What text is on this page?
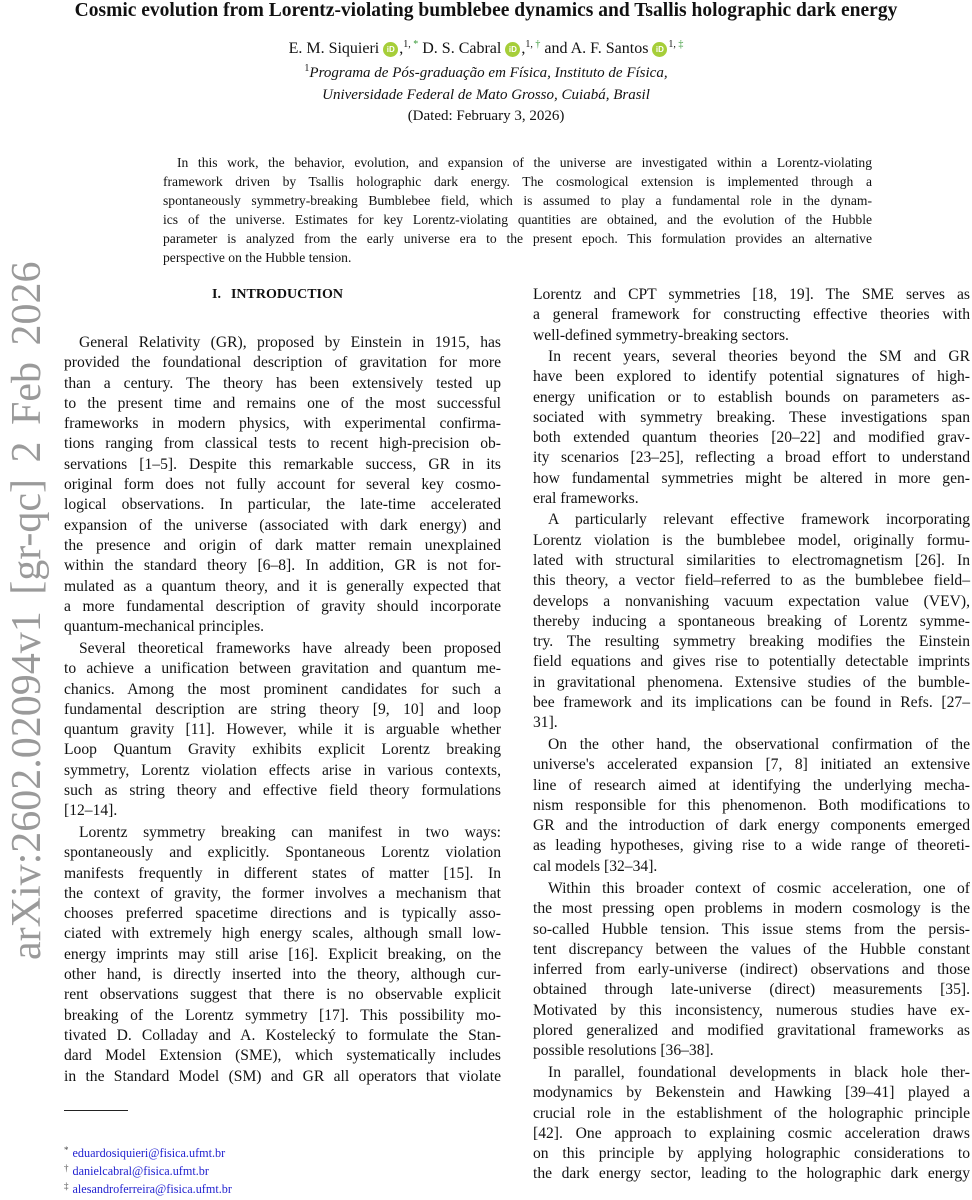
arXiv:2602.02094v1 [gr-qc] 2 Feb 2026
Cosmic evolution from Lorentz-violating bumblebee dynamics and Tsallis holographic dark energy
E. M. Siquieri iD ,$^{1, *}$ D. S. Cabral iD ,$^{1, \dagger}$ and A. F. Santos iD $^{1, \ddagger}$
$^1$Programa de Pós-graduação em Física, Instituto de Física,
Universidade Federal de Mato Grosso, Cuiabá, Brasil
(Dated: February 3, 2026)
In this work, the behavior, evolution, and expansion of the universe are investigated within a Lorentz-violating
framework driven by Tsallis holographic dark energy. The cosmological extension is implemented through a
spontaneously symmetry-breaking Bumblebee field, which is assumed to play a fundamental role in the dynam-
ics of the universe. Estimates for key Lorentz-violating quantities are obtained, and the evolution of the Hubble
parameter is analyzed from the early universe era to the present epoch. This formulation provides an alternative
perspective on the Hubble tension.
I. INTRODUCTION
General Relativity (GR), proposed by Einstein in 1915, has
provided the foundational description of gravitation for more
than a century. The theory has been extensively tested up
to the present time and remains one of the most successful
frameworks in modern physics, with experimental confirma-
tions ranging from classical tests to recent high-precision ob-
servations [1–5]. Despite this remarkable success, GR in its
original form does not fully account for several key cosmo-
logical observations. In particular, the late-time accelerated
expansion of the universe (associated with dark energy) and
the presence and origin of dark matter remain unexplained
within the standard theory [6–8]. In addition, GR is not for-
mulated as a quantum theory, and it is generally expected that
a more fundamental description of gravity should incorporate
quantum-mechanical principles.
Several theoretical frameworks have already been proposed
to achieve a unification between gravitation and quantum me-
chanics. Among the most prominent candidates for such a
fundamental description are string theory [9, 10] and loop
quantum gravity [11]. However, while it is arguable whether
Loop Quantum Gravity exhibits explicit Lorentz breaking
symmetry, Lorentz violation effects arise in various contexts,
such as string theory and effective field theory formulations
[12–14].
Lorentz symmetry breaking can manifest in two ways:
spontaneously and explicitly. Spontaneous Lorentz violation
manifests frequently in different states of matter [15]. In
the context of gravity, the former involves a mechanism that
chooses preferred spacetime directions and is typically asso-
ciated with extremely high energy scales, although small low-
energy imprints may still arise [16]. Explicit breaking, on the
other hand, is directly inserted into the theory, although cur-
rent observations suggest that there is no observable explicit
breaking of the Lorentz symmetry [17]. This possibility mo-
tivated D. Colladay and A. Kostelecký to formulate the Stan-
dard Model Extension (SME), which systematically includes
in the Standard Model (SM) and GR all operators that violate
Lorentz and CPT symmetries [18, 19]. The SME serves as
a general framework for constructing effective theories with
well-defined symmetry-breaking sectors.
In recent years, several theories beyond the SM and GR
have been explored to identify potential signatures of high-
energy unification or to establish bounds on parameters as-
sociated with symmetry breaking. These investigations span
both extended quantum theories [20–22] and modified grav-
ity scenarios [23–25], reflecting a broad effort to understand
how fundamental symmetries might be altered in more gen-
eral frameworks.
A particularly relevant effective framework incorporating
Lorentz violation is the bumblebee model, originally formu-
lated with structural similarities to electromagnetism [26]. In
this theory, a vector field–referred to as the bumblebee field–
develops a nonvanishing vacuum expectation value (VEV),
thereby inducing a spontaneous breaking of Lorentz symme-
try. The resulting symmetry breaking modifies the Einstein
field equations and gives rise to potentially detectable imprints
in gravitational phenomena. Extensive studies of the bumble-
bee framework and its implications can be found in Refs. [27–
31].
On the other hand, the observational confirmation of the
universe's accelerated expansion [7, 8] initiated an extensive
line of research aimed at identifying the underlying mecha-
nism responsible for this phenomenon. Both modifications to
GR and the introduction of dark energy components emerged
as leading hypotheses, giving rise to a wide range of theoreti-
cal models [32–34].
Within this broader context of cosmic acceleration, one of
the most pressing open problems in modern cosmology is the
so-called Hubble tension. This issue stems from the persis-
tent discrepancy between the values of the Hubble constant
inferred from early-universe (indirect) observations and those
obtained through late-universe (direct) measurements [35].
Motivated by this inconsistency, numerous studies have ex-
plored generalized and modified gravitational frameworks as
possible resolutions [36–38].
In parallel, foundational developments in black hole ther-
modynamics by Bekenstein and Hawking [39–41] played a
crucial role in the establishment of the holographic principle
[42]. One approach to explaining cosmic acceleration draws
on this principle by applying holographic considerations to
the dark energy sector, leading to the holographic dark energy
* eduardosiquieri@fisica.ufmt.br
† danielcabral@fisica.ufmt.br
‡ alesandroferreira@fisica.ufmt.br
